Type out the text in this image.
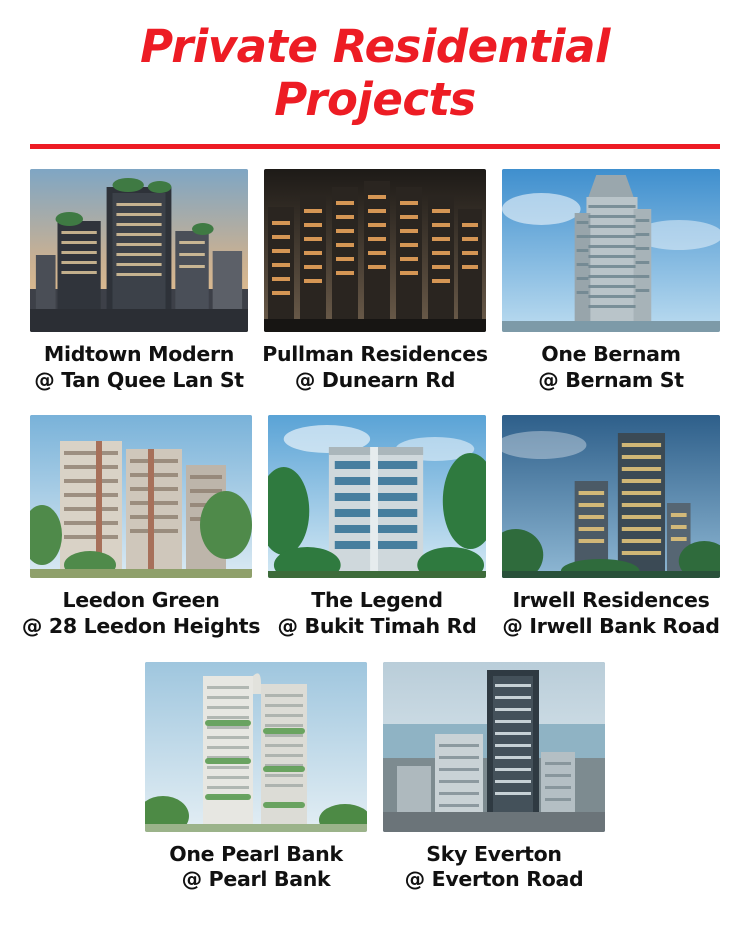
Private Residential
Projects
Midtown Modern
@ Tan Quee Lan St
Pullman Residences
@ Dunearn Rd
One Bernam
@ Bernam St
Leedon Green
@ 28 Leedon Heights
The Legend
@ Bukit Timah Rd
Irwell Residences
@ Irwell Bank Road
One Pearl Bank
@ Pearl Bank
Sky Everton
@ Everton Road
